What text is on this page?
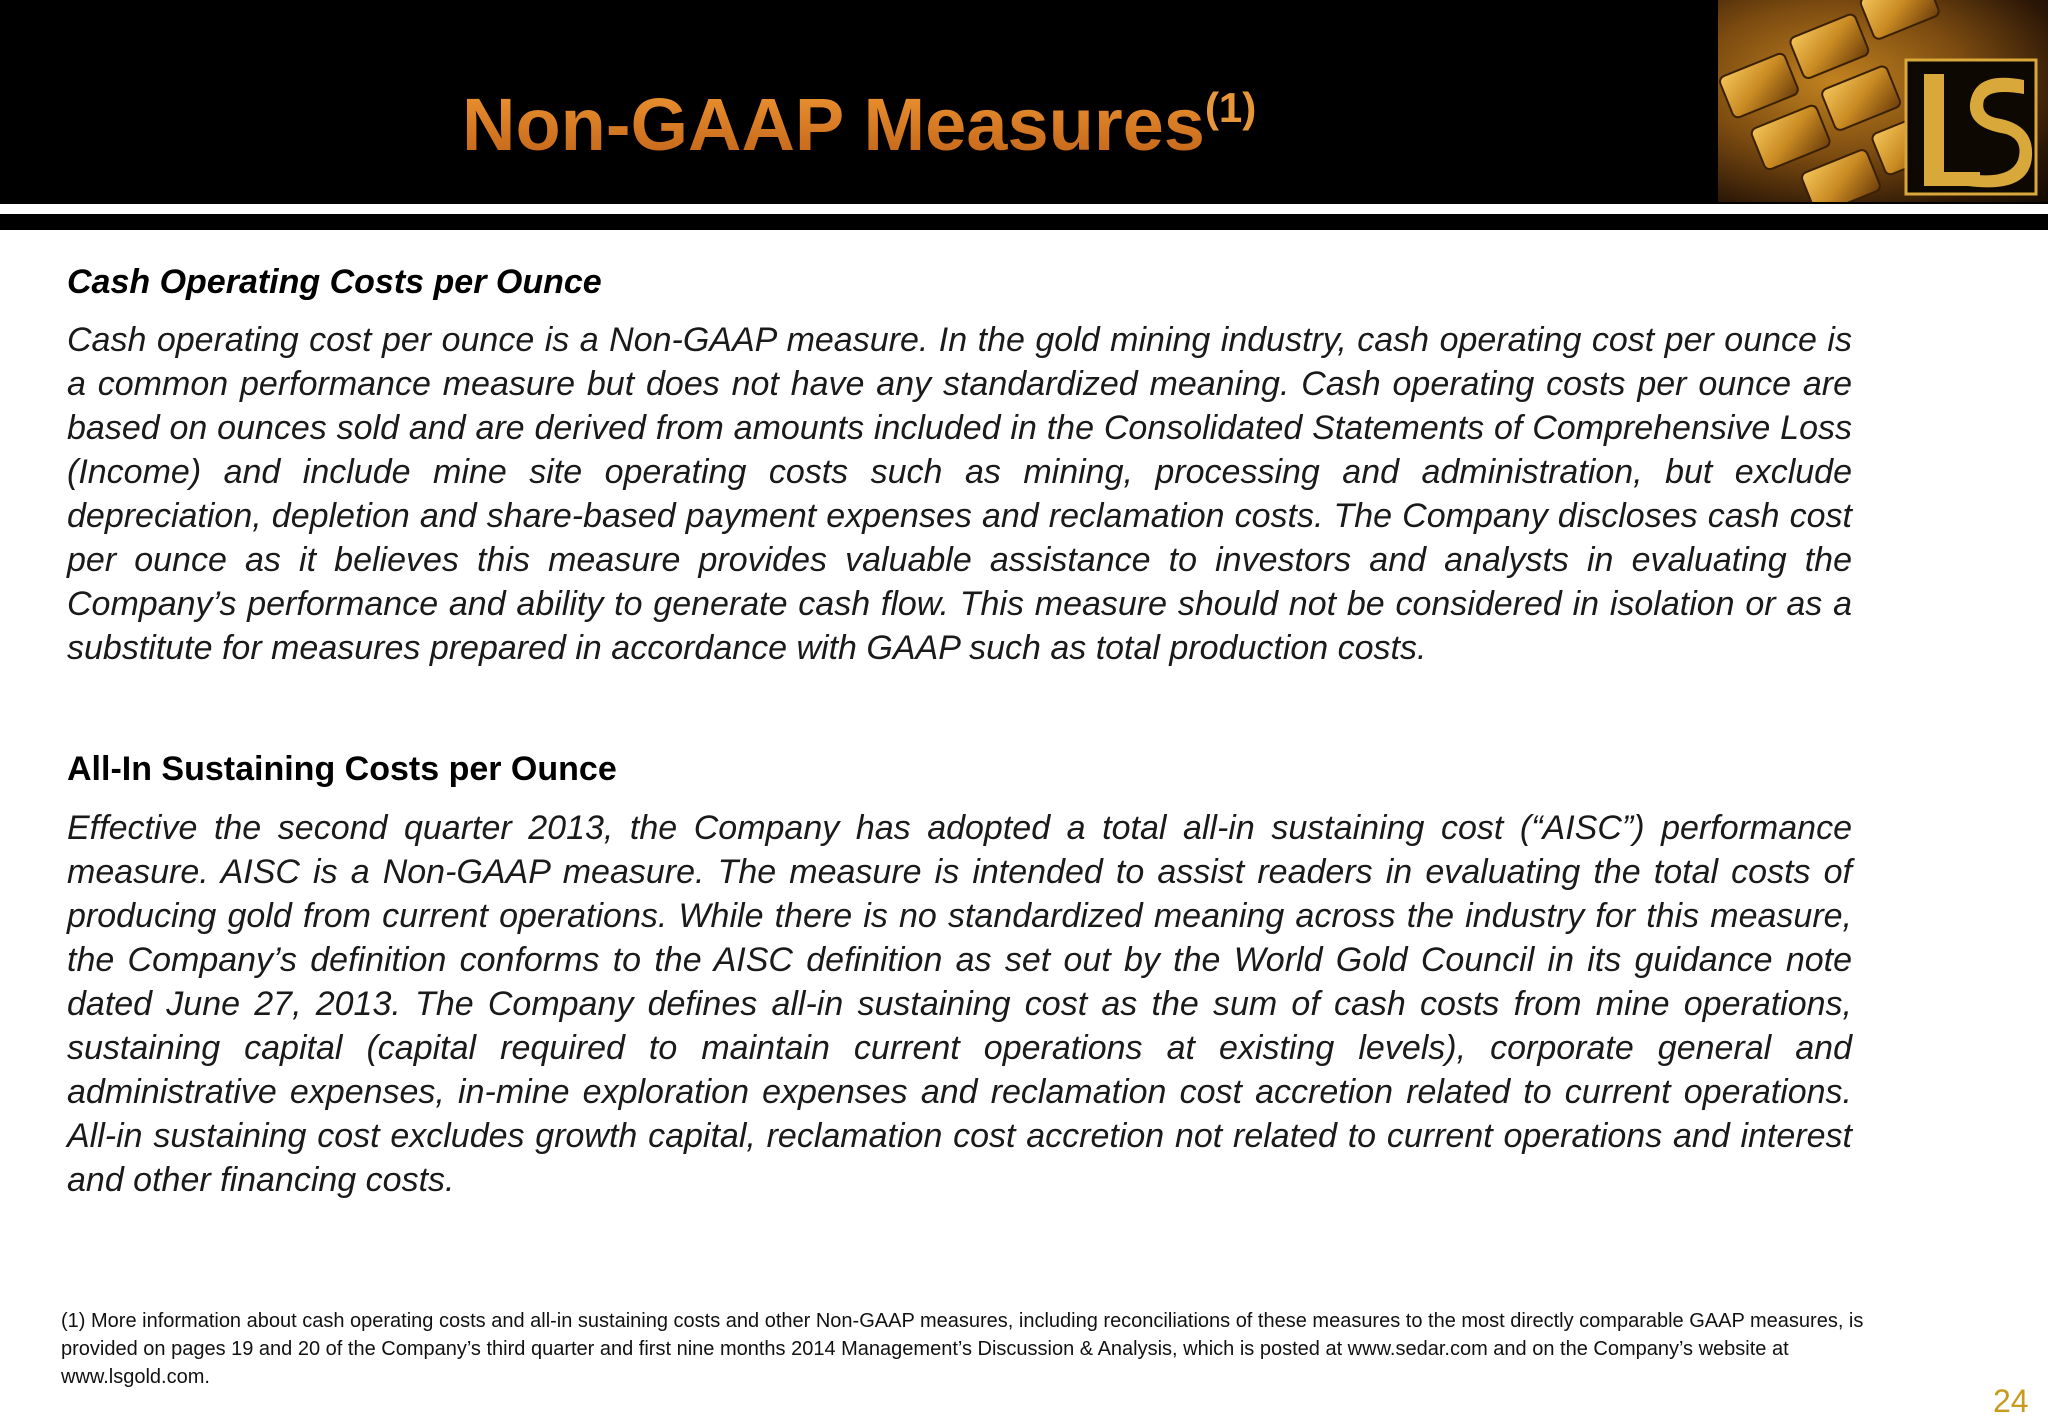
Non-GAAP Measures$^{(1)}$
Cash Operating Costs per Ounce
Cash operating cost per ounce is a Non-GAAP measure. In the gold mining industry, cash operating cost per ounce is a common performance measure but does not have any standardized meaning. Cash operating costs per ounce are based on ounces sold and are derived from amounts included in the Consolidated Statements of Comprehensive Loss (Income) and include mine site operating costs such as mining, processing and administration, but exclude depreciation, depletion and share-based payment expenses and reclamation costs. The Company discloses cash cost per ounce as it believes this measure provides valuable assistance to investors and analysts in evaluating the Company’s performance and ability to generate cash flow. This measure should not be considered in isolation or as a substitute for measures prepared in accordance with GAAP such as total production costs.
All-In Sustaining Costs per Ounce
Effective the second quarter 2013, the Company has adopted a total all-in sustaining cost (“AISC”) performance measure. AISC is a Non-GAAP measure. The measure is intended to assist readers in evaluating the total costs of producing gold from current operations. While there is no standardized meaning across the industry for this measure, the Company’s definition conforms to the AISC definition as set out by the World Gold Council in its guidance note dated June 27, 2013. The Company defines all-in sustaining cost as the sum of cash costs from mine operations, sustaining capital (capital required to maintain current operations at existing levels), corporate general and administrative expenses, in-mine exploration expenses and reclamation cost accretion related to current operations. All-in sustaining cost excludes growth capital, reclamation cost accretion not related to current operations and interest and other financing costs.
(1) More information about cash operating costs and all-in sustaining costs and other Non-GAAP measures, including reconciliations of these measures to the most directly comparable GAAP measures, is provided on pages 19 and 20 of the Company’s third quarter and first nine months 2014 Management’s Discussion & Analysis, which is posted at www.sedar.com and on the Company’s website at www.lsgold.com.
24
